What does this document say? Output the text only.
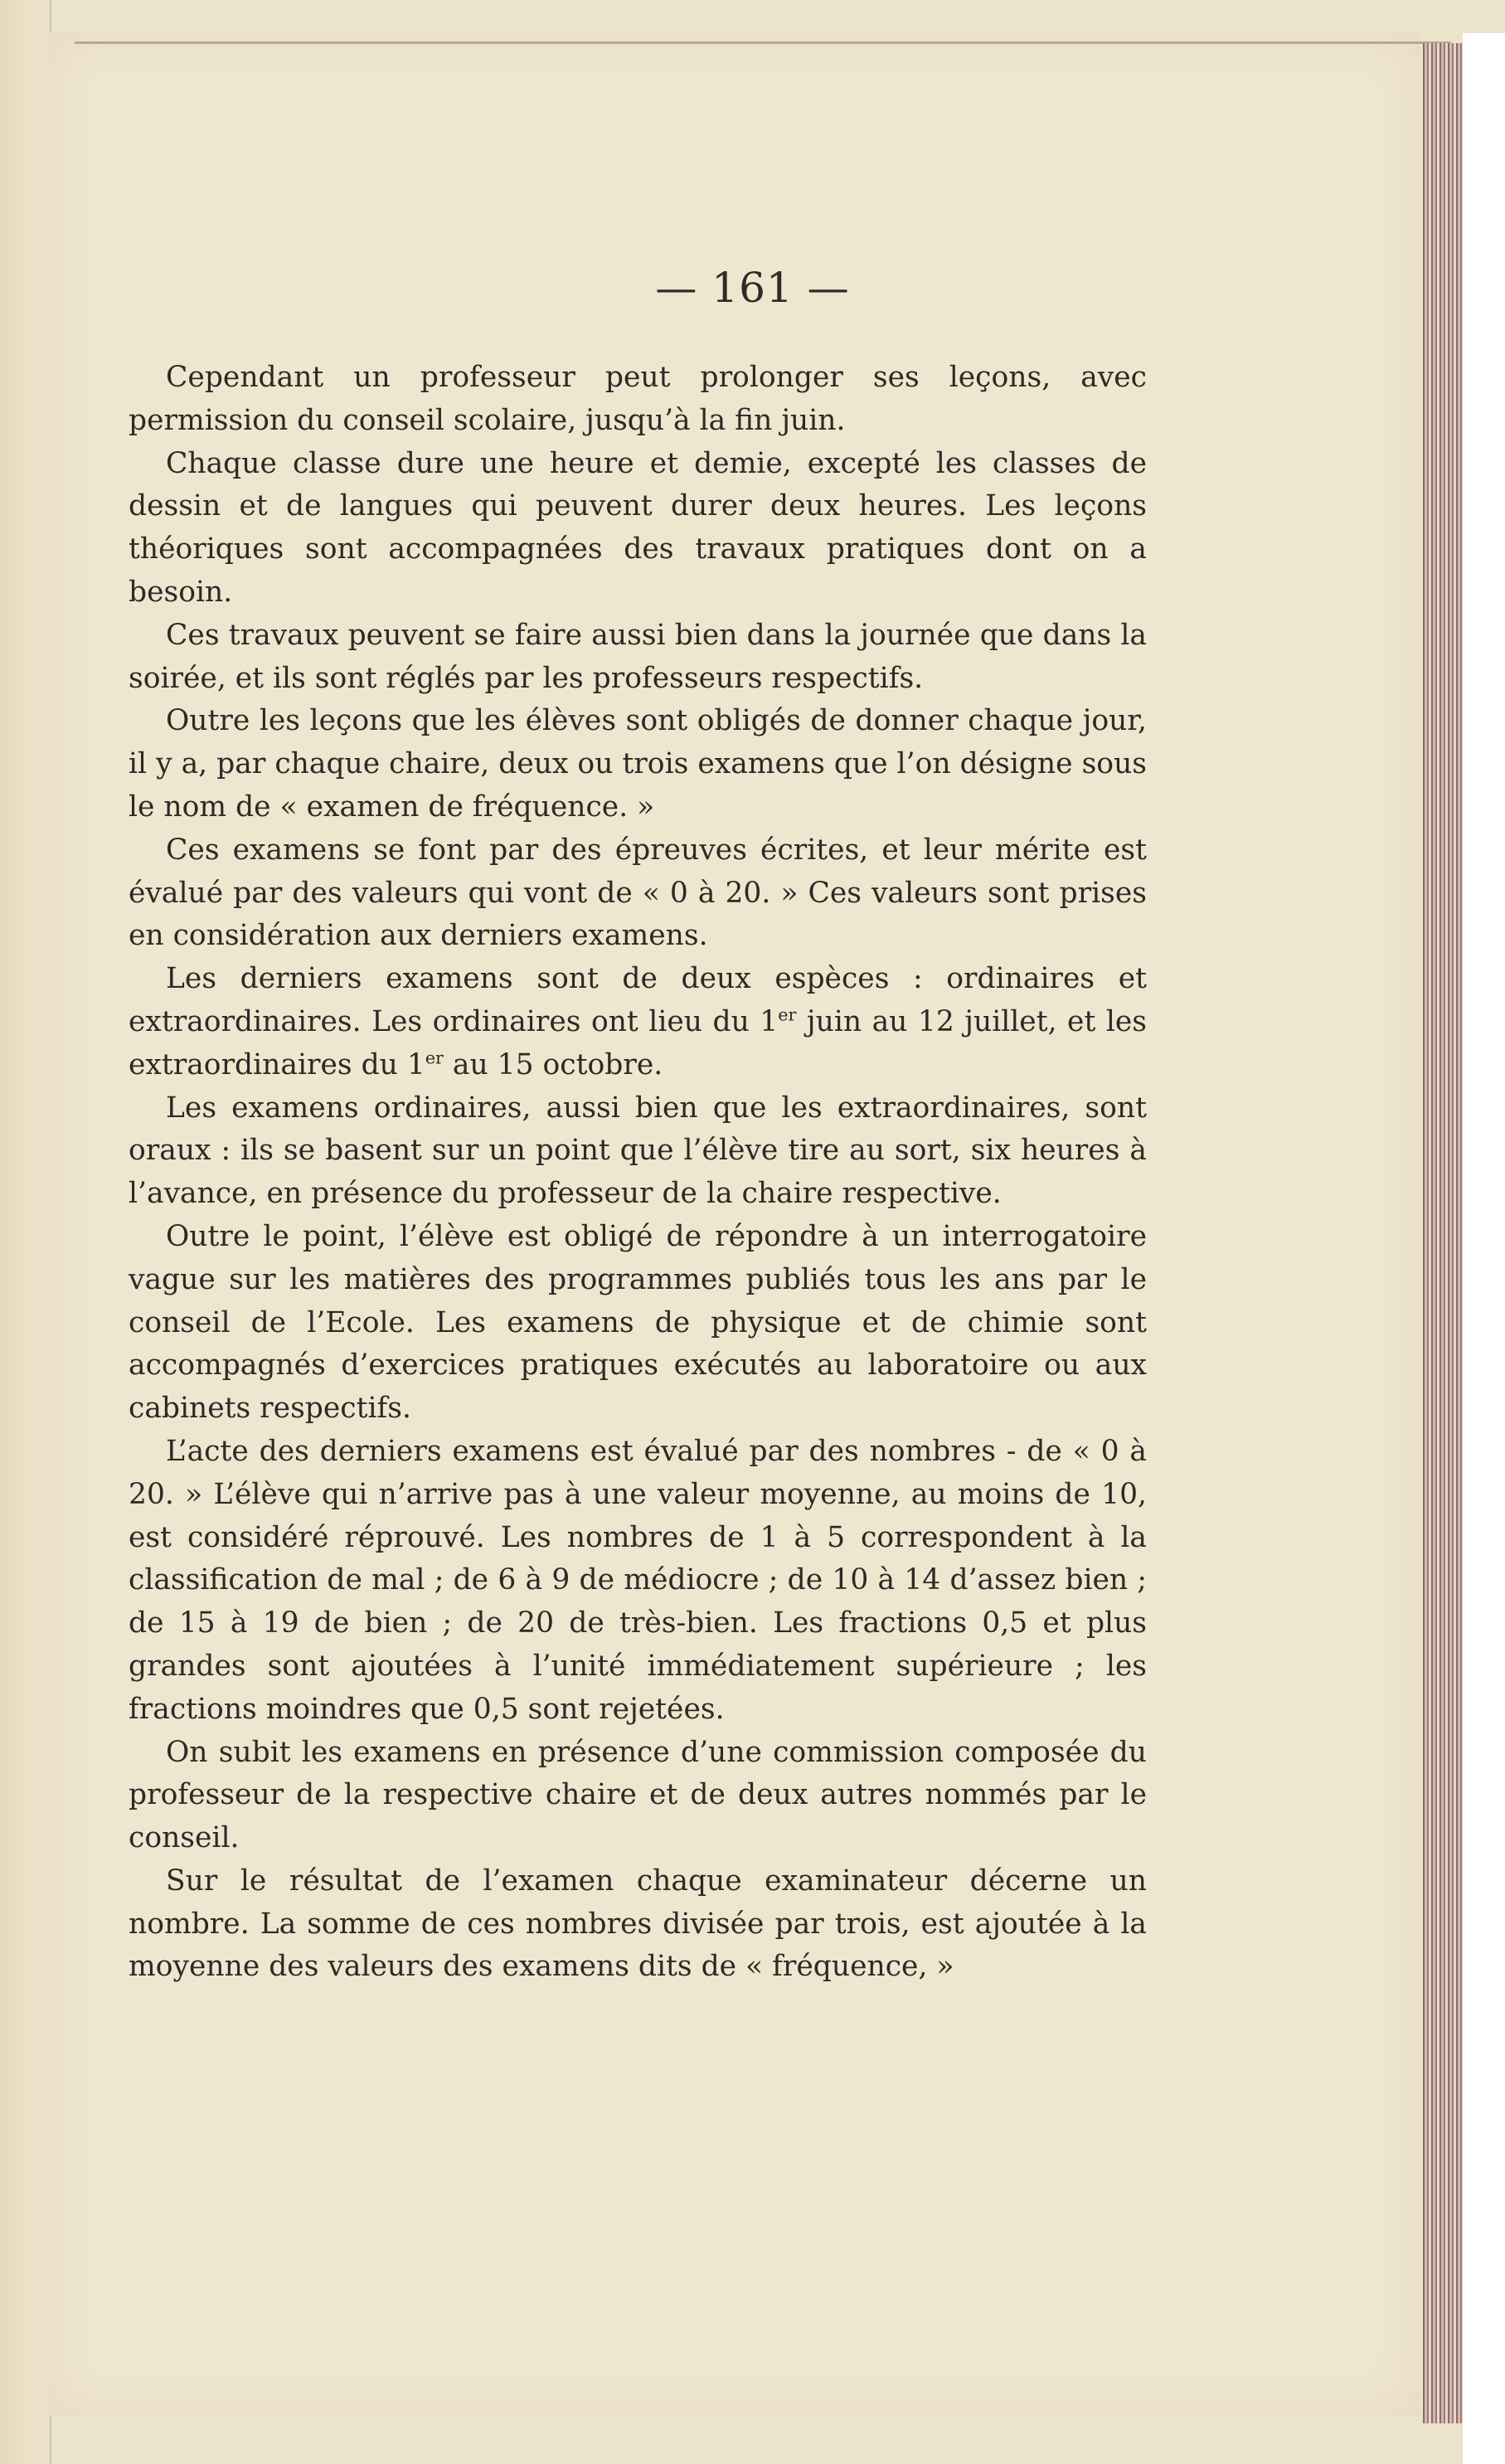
— 161 —

Cependant un professeur peut prolonger ses leçons, avec permission du conseil scolaire, jusqu’à la fin juin.

Chaque classe dure une heure et demie, excepté les classes de dessin et de langues qui peuvent durer deux heures. Les leçons théoriques sont accompagnées des travaux pratiques dont on a besoin.

Ces travaux peuvent se faire aussi bien dans la journée que dans la soirée, et ils sont réglés par les professeurs respectifs.

Outre les leçons que les élèves sont obligés de donner chaque jour, il y a, par chaque chaire, deux ou trois examens que l’on désigne sous le nom de « examen de fréquence. »

Ces examens se font par des épreuves écrites, et leur mérite est évalué par des valeurs qui vont de « 0 à 20. » Ces valeurs sont prises en considération aux derniers examens.

Les derniers examens sont de deux espèces : ordinaires et extraordinaires. Les ordinaires ont lieu du 1er juin au 12 juillet, et les extraordinaires du 1er au 15 octobre.

Les examens ordinaires, aussi bien que les extraordinaires, sont oraux : ils se basent sur un point que l’élève tire au sort, six heures à l’avance, en présence du professeur de la chaire respective.

Outre le point, l’élève est obligé de répondre à un interrogatoire vague sur les matières des programmes publiés tous les ans par le conseil de l’Ecole. Les examens de physique et de chimie sont accompagnés d’exercices pratiques exécutés au laboratoire ou aux cabinets respectifs.

L’acte des derniers examens est évalué par des nombres - de « 0 à 20. » L’élève qui n’arrive pas à une valeur moyenne, au moins de 10, est considéré réprouvé. Les nombres de 1 à 5 correspondent à la classification de mal ; de 6 à 9 de médiocre ; de 10 à 14 d’assez bien ; de 15 à 19 de bien ; de 20 de très-bien. Les fractions 0,5 et plus grandes sont ajoutées à l’unité immédiatement supérieure ; les fractions moindres que 0,5 sont rejetées.

On subit les examens en présence d’une commission composée du professeur de la respective chaire et de deux autres nommés par le conseil.

Sur le résultat de l’examen chaque examinateur décerne un nombre. La somme de ces nombres divisée par trois, est ajoutée à la moyenne des valeurs des examens dits de « fréquence, »
